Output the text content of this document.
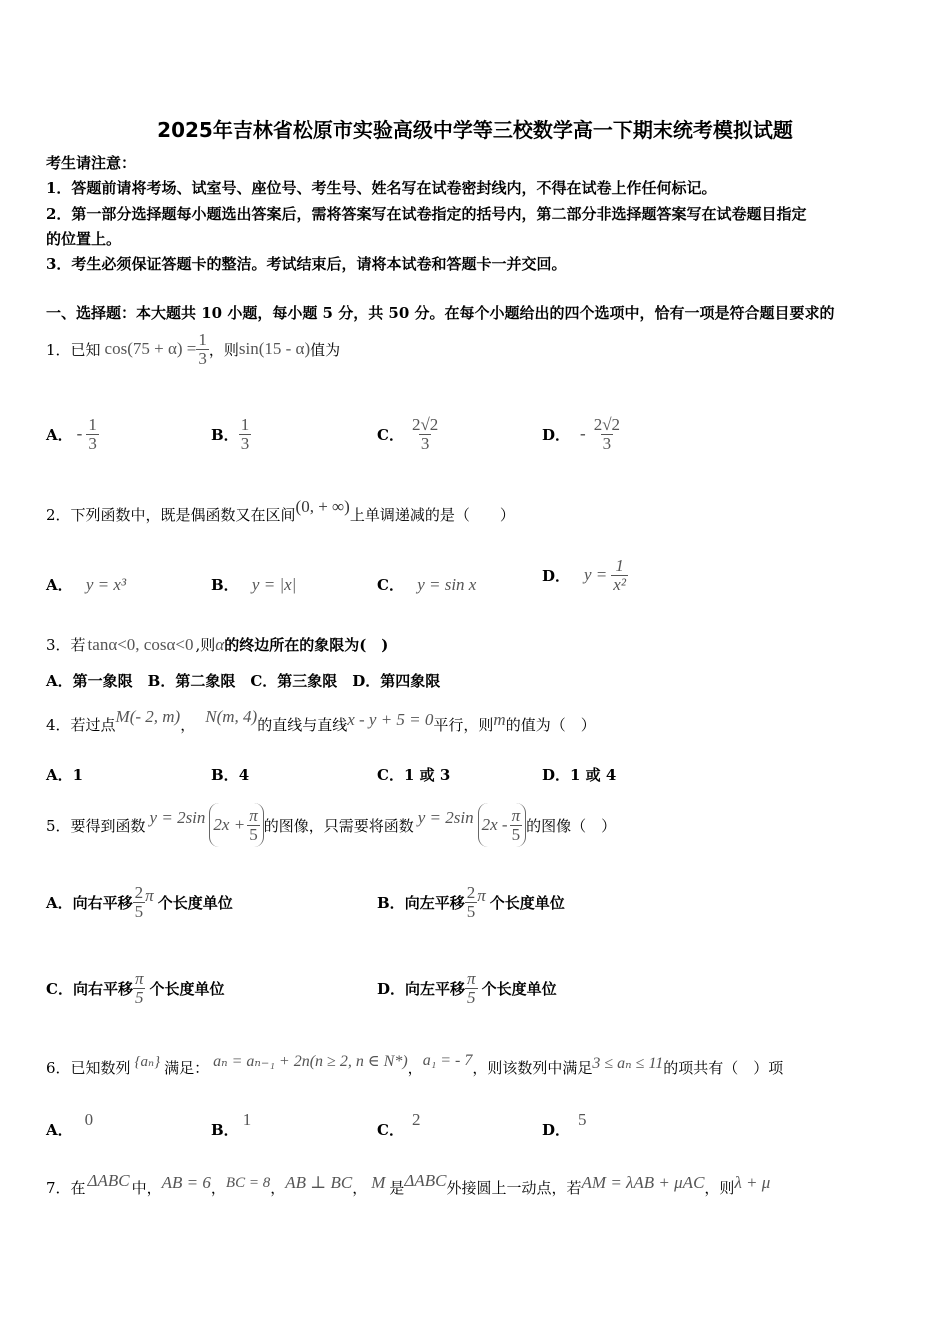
2025年吉林省松原市实验高级中学等三校数学高一下期末统考模拟试题
考生请注意：
1．答题前请将考场、试室号、座位号、考生号、姓名写在试卷密封线内，不得在试卷上作任何标记。
2．第一部分选择题每小题选出答案后，需将答案写在试卷指定的括号内，第二部分非选择题答案写在试卷题目指定
的位置上。
3．考生必须保证答题卡的整洁。考试结束后，请将本试卷和答题卡一并交回。
一、选择题：本大题共 10 小题，每小题 5 分，共 50 分。在每个小题给出的四个选项中，恰有一项是符合题目要求的
1．已知 $\cos(75 + \alpha) = \frac{1}{3}$ ，则 sin(15 - α) 值为
A． - $\frac{1}{3}$	B． $\frac{1}{3}$	C． $\frac{2√2}{3}$	D． - $\frac{2√2}{3}$
2．下列函数中，既是偶函数又在区间 (0, + ∞) 上单调递减的是（　　）
A． y = x³	B． y = |x|	C． y = sin x	D． $y = \frac{1}{\text{x²}}$
3．若 tanα<0, cosα<0 ,则 α 的终边所在的象限为(　)
A．第一象限　B．第二象限　C．第三象限　D．第四象限
4．若过点 M(- 2, m) ， N(m, 4) 的直线与直线 x - y + 5 = 0 平行，则 m 的值为（　）
A．1	B．4	C．1 或 3	D．1 或 4
5．要得到函数 y = 2sin $2x + \frac{\pi}{5}$ 的图像，只需要将函数 y = 2sin $2x - \frac{\pi}{5}$ 的图像（　）
A． 向右平移 $\frac{2}{5}$ π 个长度单位	B． 向左平移 $\frac{2}{5}$ π 个长度单位
C． 向右平移 $\frac{\pi}{5}$ 个长度单位	D． 向左平移 $\frac{\pi}{5}$ 个长度单位
6．已知数列 {aₙ} 满足： aₙ = aₙ₋₁ + 2n(n ≥ 2, n ∈ N*) ， a₁ = - 7 ，则该数列中满足 3 ≤ aₙ ≤ 11 的项共有（　）项
A．0
B．1
C．2
D．5
7．在 ΔABC 中， AB = 6 ， BC = 8 ， AB ⊥ BC ， M 是 ΔABC 外接圆上一动点，若 AM = λAB + μAC ，则 λ + μ
